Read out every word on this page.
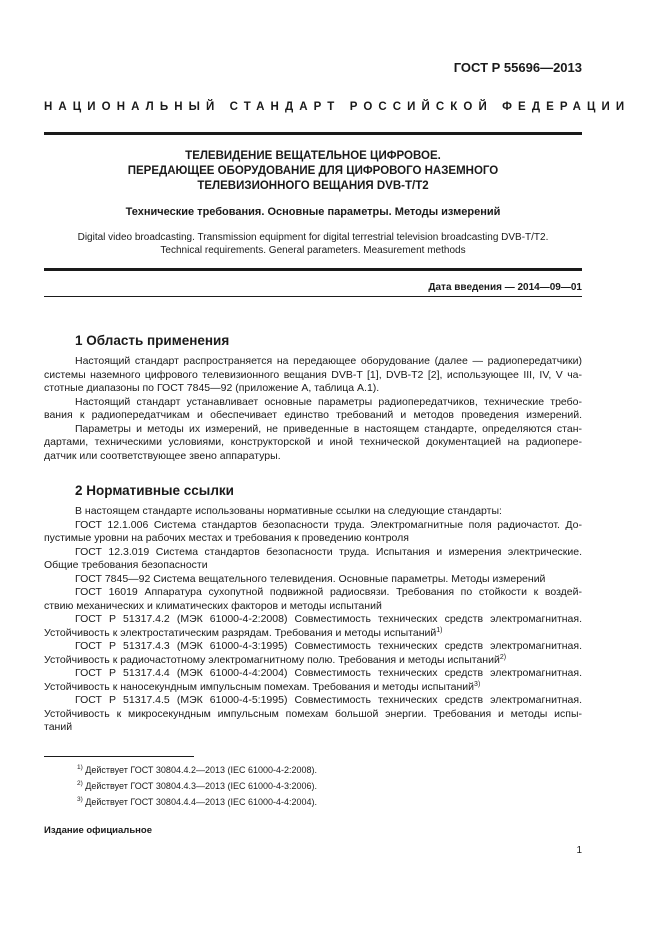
ГОСТ Р 55696—2013
НАЦИОНАЛЬНЫЙ СТАНДАРТ РОССИЙСКОЙ ФЕДЕРАЦИИ
ТЕЛЕВИДЕНИЕ ВЕЩАТЕЛЬНОЕ ЦИФРОВОЕ.
ПЕРЕДАЮЩЕЕ ОБОРУДОВАНИЕ ДЛЯ ЦИФРОВОГО НАЗЕМНОГО
ТЕЛЕВИЗИОННОГО ВЕЩАНИЯ DVB-T/T2
Технические требования. Основные параметры. Методы измерений
Digital video broadcasting. Transmission equipment for digital terrestrial television broadcasting DVB-T/T2.
Technical requirements. General parameters. Measurement methods
Дата введения — 2014—09—01
1 Область применения
Настоящий стандарт распространяется на передающее оборудование (далее — радиопередатчики)
системы наземного цифрового телевизионного вещания DVB-T [1], DVB-T2 [2], использующее III, IV, V ча-
стотные диапазоны по ГОСТ 7845—92 (приложение А, таблица А.1).
Настоящий стандарт устанавливает основные параметры радиопередатчиков, технические требо-
вания к радиопередатчикам и обеспечивает единство требований и методов проведения измерений.
Параметры и методы их измерений, не приведенные в настоящем стандарте, определяются стан-
дартами, техническими условиями, конструкторской и иной технической документацией на радиопере-
датчик или соответствующее звено аппаратуры.
2 Нормативные ссылки
В настоящем стандарте использованы нормативные ссылки на следующие стандарты:
ГОСТ 12.1.006 Система стандартов безопасности труда. Электромагнитные поля радиочастот. До-
пустимые уровни на рабочих местах и требования к проведению контроля
ГОСТ 12.3.019 Система стандартов безопасности труда. Испытания и измерения электрические.
Общие требования безопасности
ГОСТ 7845—92 Система вещательного телевидения. Основные параметры. Методы измерений
ГОСТ 16019 Аппаратура сухопутной подвижной радиосвязи. Требования по стойкости к воздей-
ствию механических и климатических факторов и методы испытаний
ГОСТ Р 51317.4.2 (МЭК 61000-4-2:2008) Совместимость технических средств электромагнитная.
Устойчивость к электростатическим разрядам. Требования и методы испытаний$^{1)}$
ГОСТ Р 51317.4.3 (МЭК 61000-4-3:1995) Совместимость технических средств электромагнитная.
Устойчивость к радиочастотному электромагнитному полю. Требования и методы испытаний$^{2)}$
ГОСТ Р 51317.4.4 (МЭК 61000-4-4:2004) Совместимость технических средств электромагнитная.
Устойчивость к наносекундным импульсным помехам. Требования и методы испытаний$^{3)}$
ГОСТ Р 51317.4.5 (МЭК 61000-4-5:1995) Совместимость технических средств электромагнитная.
Устойчивость к микросекундным импульсным помехам большой энергии. Требования и методы испы-
таний
$^{1)}$ Действует ГОСТ 30804.4.2—2013 (IEC 61000-4-2:2008).
$^{2)}$ Действует ГОСТ 30804.4.3—2013 (IEC 61000-4-3:2006).
$^{3)}$ Действует ГОСТ 30804.4.4—2013 (IEC 61000-4-4:2004).
Издание официальное
1
